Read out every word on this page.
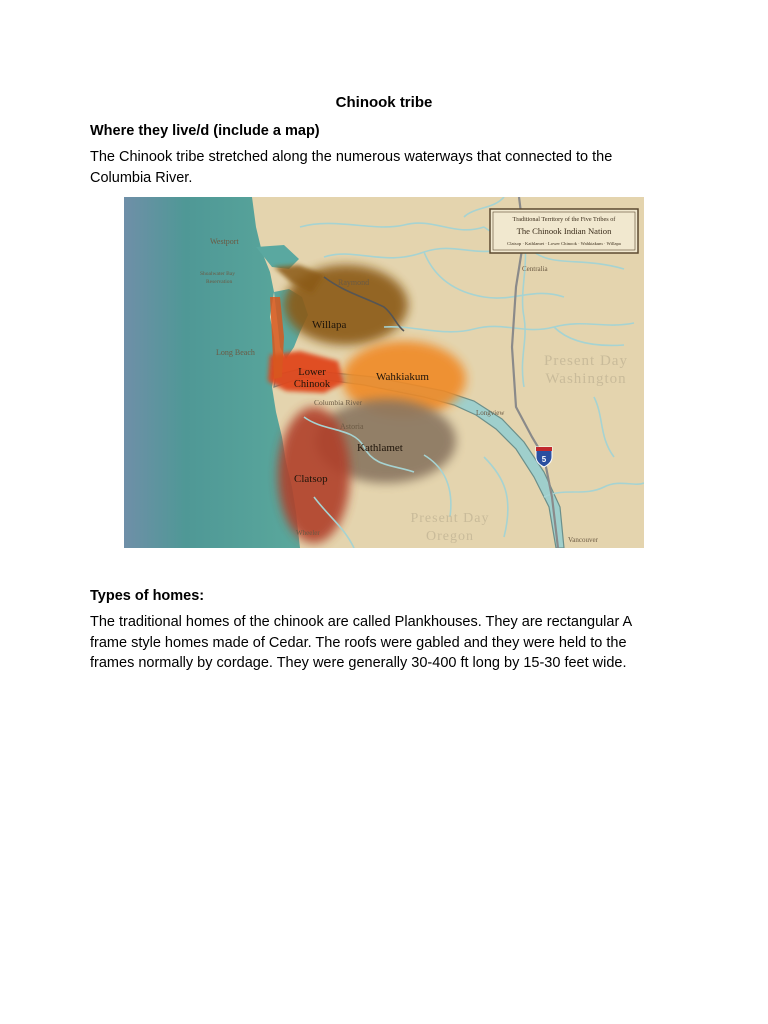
Chinook tribe
Where they live/d (include a map)
The Chinook tribe stretched along the numerous waterways that connected to the Columbia River.
Traditional Territory of the Five Tribes of
The Chinook Indian Nation
Clatsop · Kathlamet · Lower Chinook · Wahkiakum · Willapa
Present Day
Washington
Present Day
Oregon
Westport
Shoalwater Bay
Reservation	Raymond
Long Beach
Columbia River
Astoria
Longview
Centralia
Wheeler
Vancouver
Willapa
Lower
Chinook
Wahkiakum
Kathlamet
Clatsop
5
Types of homes:
The traditional homes of the chinook are called Plankhouses. They are rectangular A frame style homes made of Cedar. The roofs were gabled and they were held to the frames normally by cordage. They were generally 30-400 ft long by 15-30 feet wide.
